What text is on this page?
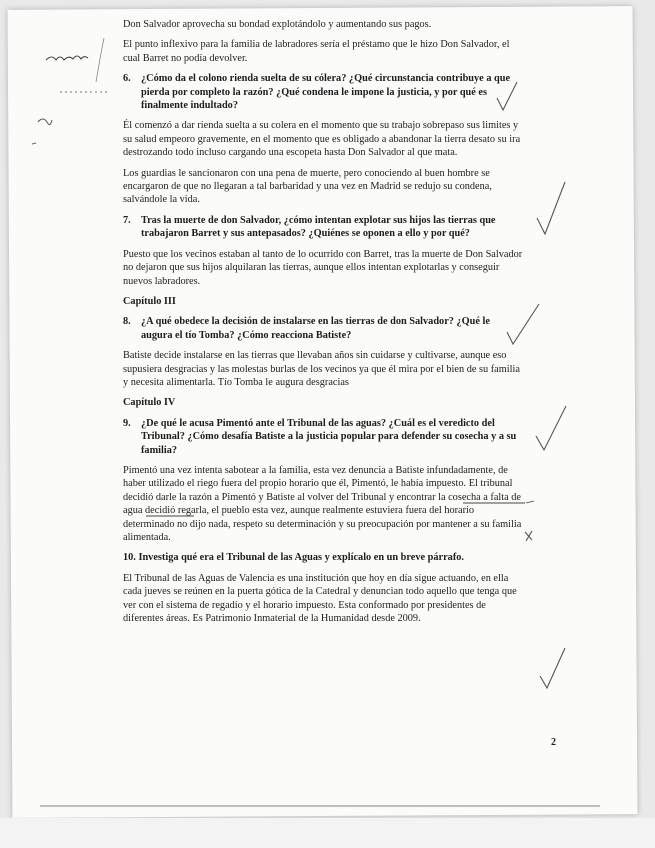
Don Salvador aprovecha su bondad explotándolo y aumentando sus pagos.

El punto inflexivo para la familia de labradores sería el préstamo que le hizo Don Salvador, el cual Barret no podía devolver.

6. ¿Cómo da el colono rienda suelta de su cólera? ¿Qué circunstancia contribuye a que pierda por completo la razón? ¿Qué condena le impone la justicia, y por qué es finalmente indultado?

Él comenzó a dar rienda suelta a su colera en el momento que su trabajo sobrepaso sus limites y su salud empeoro gravemente, en el momento que es obligado a abandonar la tierra desato su ira destrozando todo incluso cargando una escopeta hasta Don Salvador al que mata.

Los guardias le sancionaron con una pena de muerte, pero conociendo al buen hombre se encargaron de que no llegaran a tal barbaridad y una vez en Madrid se redujo su condena, salvándole la vida.

7. Tras la muerte de don Salvador, ¿cómo intentan explotar sus hijos las tierras que trabajaron Barret y sus antepasados? ¿Quiénes se oponen a ello y por qué?

Puesto que los vecinos estaban al tanto de lo ocurrido con Barret, tras la muerte de Don Salvador no dejaron que sus hijos alquilaran las tierras, aunque ellos intentan explotarlas y conseguir nuevos labradores.

Capítulo III

8. ¿A qué obedece la decisión de instalarse en las tierras de don Salvador? ¿Qué le augura el tío Tomba? ¿Cómo reacciona Batiste?

Batiste decide instalarse en las tierras que llevaban años sin cuidarse y cultivarse, aunque eso supusiera desgracias y las molestas burlas de los vecinos ya que él mira por el bien de su familia y necesita alimentarla. Tío Tomba le augura desgracias

Capítulo IV

9. ¿De qué le acusa Pimentó ante el Tribunal de las aguas? ¿Cuál es el veredicto del Tribunal? ¿Cómo desafía Batiste a la justicia popular para defender su cosecha y a su familia?

Pimentó una vez intenta sabotear a la familia, esta vez denuncia a Batiste infundadamente, de haber utilizado el riego fuera del propio horario que él, Pimentó, le había impuesto. El tribunal decidió darle la razón a Pimentó y Batiste al volver del Tribunal y encontrar la cosecha a falta de agua decidió regarla, el pueblo esta vez, aunque realmente estuviera fuera del horario determinado no dijo nada, respeto su determinación y su preocupación por mantener a su familia alimentada.

10. Investiga qué era el Tribunal de las Aguas y explícalo en un breve párrafo.

El Tribunal de las Aguas de Valencia es una institución que hoy en día sigue actuando, en ella cada jueves se reúnen en la puerta gótica de la Catedral y denuncian todo aquello que tenga que ver con el sistema de regadío y el horario impuesto. Esta conformado por presidentes de diferentes áreas. Es Patrimonio Inmaterial de la Humanidad desde 2009.

2
